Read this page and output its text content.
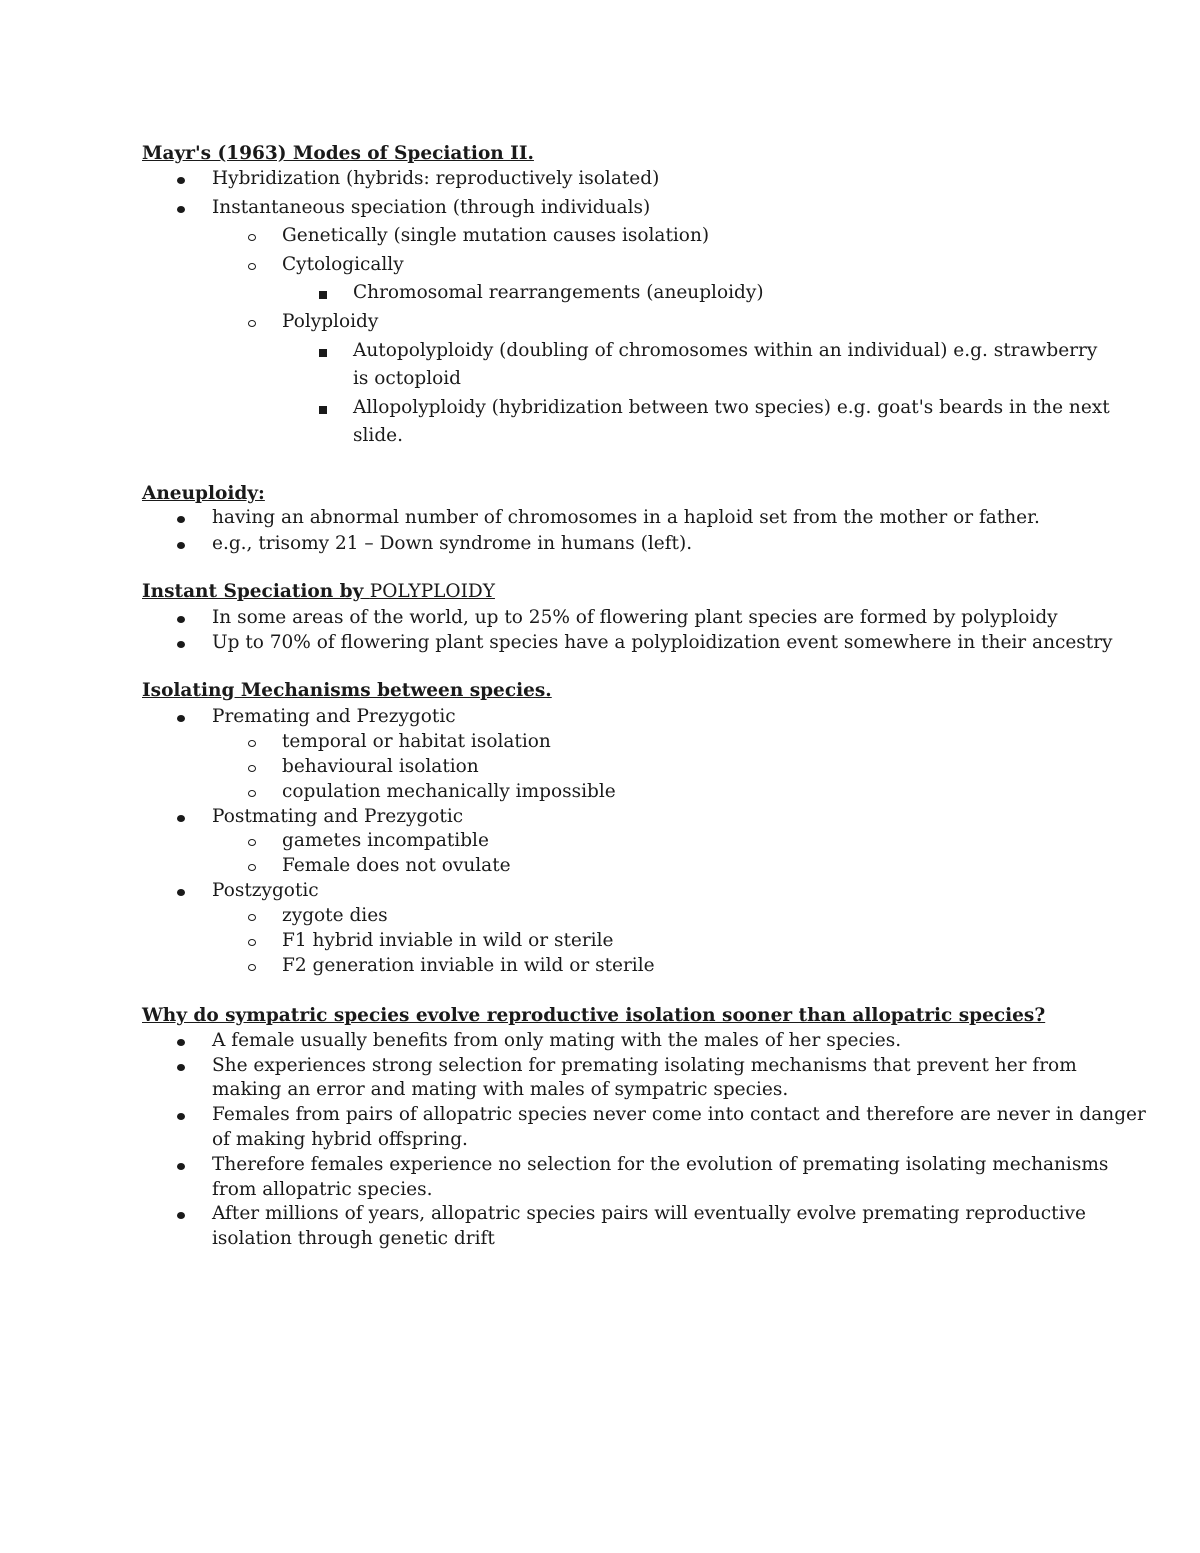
Mayr's (1963) Modes of Speciation II.
Hybridization (hybrids: reproductively isolated)
Instantaneous speciation (through individuals)
Genetically (single mutation causes isolation)
Cytologically
Chromosomal rearrangements (aneuploidy)
Polyploidy
Autopolyploidy (doubling of chromosomes within an individual) e.g. strawberry
is octoploid
Allopolyploidy (hybridization between two species) e.g. goat's beards in the next
slide.
Aneuploidy:
having an abnormal number of chromosomes in a haploid set from the mother or father.
e.g., trisomy 21 – Down syndrome in humans (left).
Instant Speciation by POLYPLOIDY
In some areas of the world, up to 25% of flowering plant species are formed by polyploidy
Up to 70% of flowering plant species have a polyploidization event somewhere in their ancestry
Isolating Mechanisms between species.
Premating and Prezygotic
temporal or habitat isolation
behavioural isolation
copulation mechanically impossible
Postmating and Prezygotic
gametes incompatible
Female does not ovulate
Postzygotic
zygote dies
F1 hybrid inviable in wild or sterile
F2 generation inviable in wild or sterile
Why do sympatric species evolve reproductive isolation sooner than allopatric species?
A female usually benefits from only mating with the males of her species.
She experiences strong selection for premating isolating mechanisms that prevent her from
making an error and mating with males of sympatric species.
Females from pairs of allopatric species never come into contact and therefore are never in danger
of making hybrid offspring.
Therefore females experience no selection for the evolution of premating isolating mechanisms
from allopatric species.
After millions of years, allopatric species pairs will eventually evolve premating reproductive
isolation through genetic drift
